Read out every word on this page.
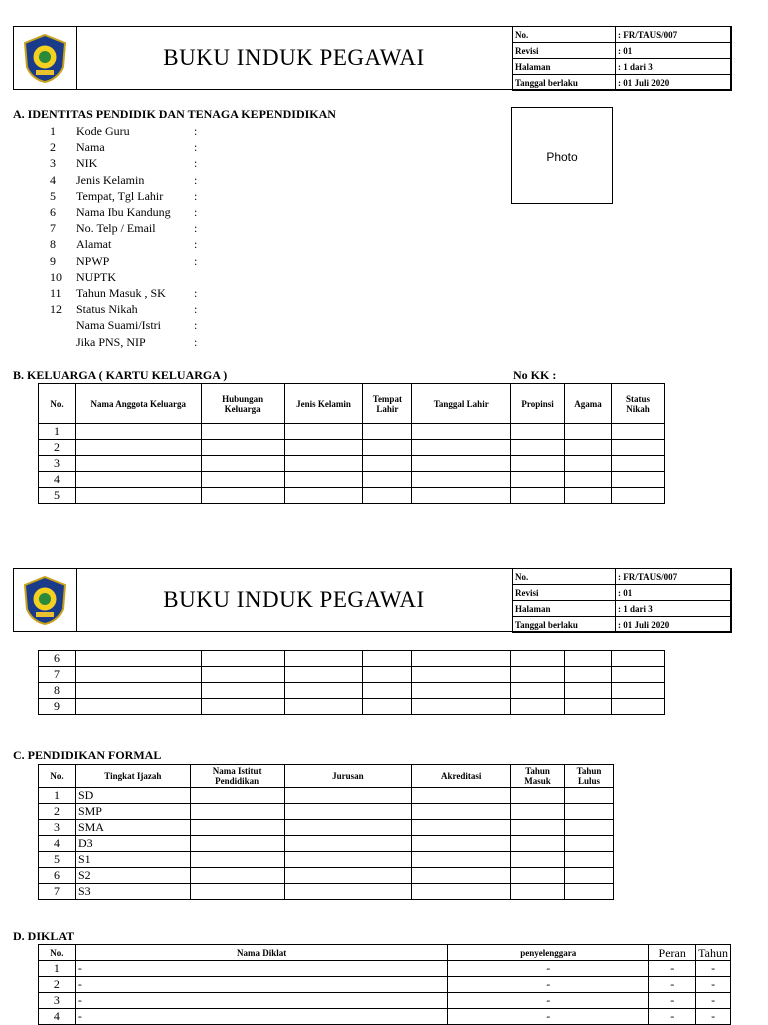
BUKU INDUK PEGAWAI
No.	: FR/TAUS/007
Revisi	: 01
Halaman	: 1 dari 3
Tanggal berlaku	: 01 Juli 2020
A. IDENTITAS PENDIDIK DAN TENAGA KEPENDIDIKAN
1 Kode Guru	:
2 Nama	:
3 NIK	:
4 Jenis Kelamin	:
5 Tempat, Tgl Lahir	:
6 Nama Ibu Kandung :
7 No. Telp / Email	:
8 Alamat	:
9 NPWP	:
10 NUPTK
11 Tahun Masuk , SK :
12 Status Nikah	:
Nama Suami/Istri	:
Jika PNS, NIP	:
Photo
B. KELUARGA ( KARTU KELUARGA )	No KK :
No.	Nama Anggota Keluarga	Hubungan Keluarga	Jenis Kelamin	Tempat Lahir	Tanggal Lahir	Propinsi	Agama	Status Nikah
1								
2								
3								
4								
5								
BUKU INDUK PEGAWAI
No.	: FR/TAUS/007
Revisi	: 01
Halaman	: 1 dari 3
Tanggal berlaku	: 01 Juli 2020
6								
7								
8								
9								
C. PENDIDIKAN FORMAL
No.	Tingkat Ijazah	Nama Istitut Pendidikan	Jurusan	Akreditasi	Tahun Masuk	Tahun Lulus
1	SD					
2	SMP					
3	SMA					
4	D3					
5	S1					
6	S2					
7	S3					
D. DIKLAT
No.	Nama Diklat	penyelenggara	Peran	Tahun
1	-	-	-	-
2	-	-	-	-
3	-	-	-	-
4	-	-	-	-
